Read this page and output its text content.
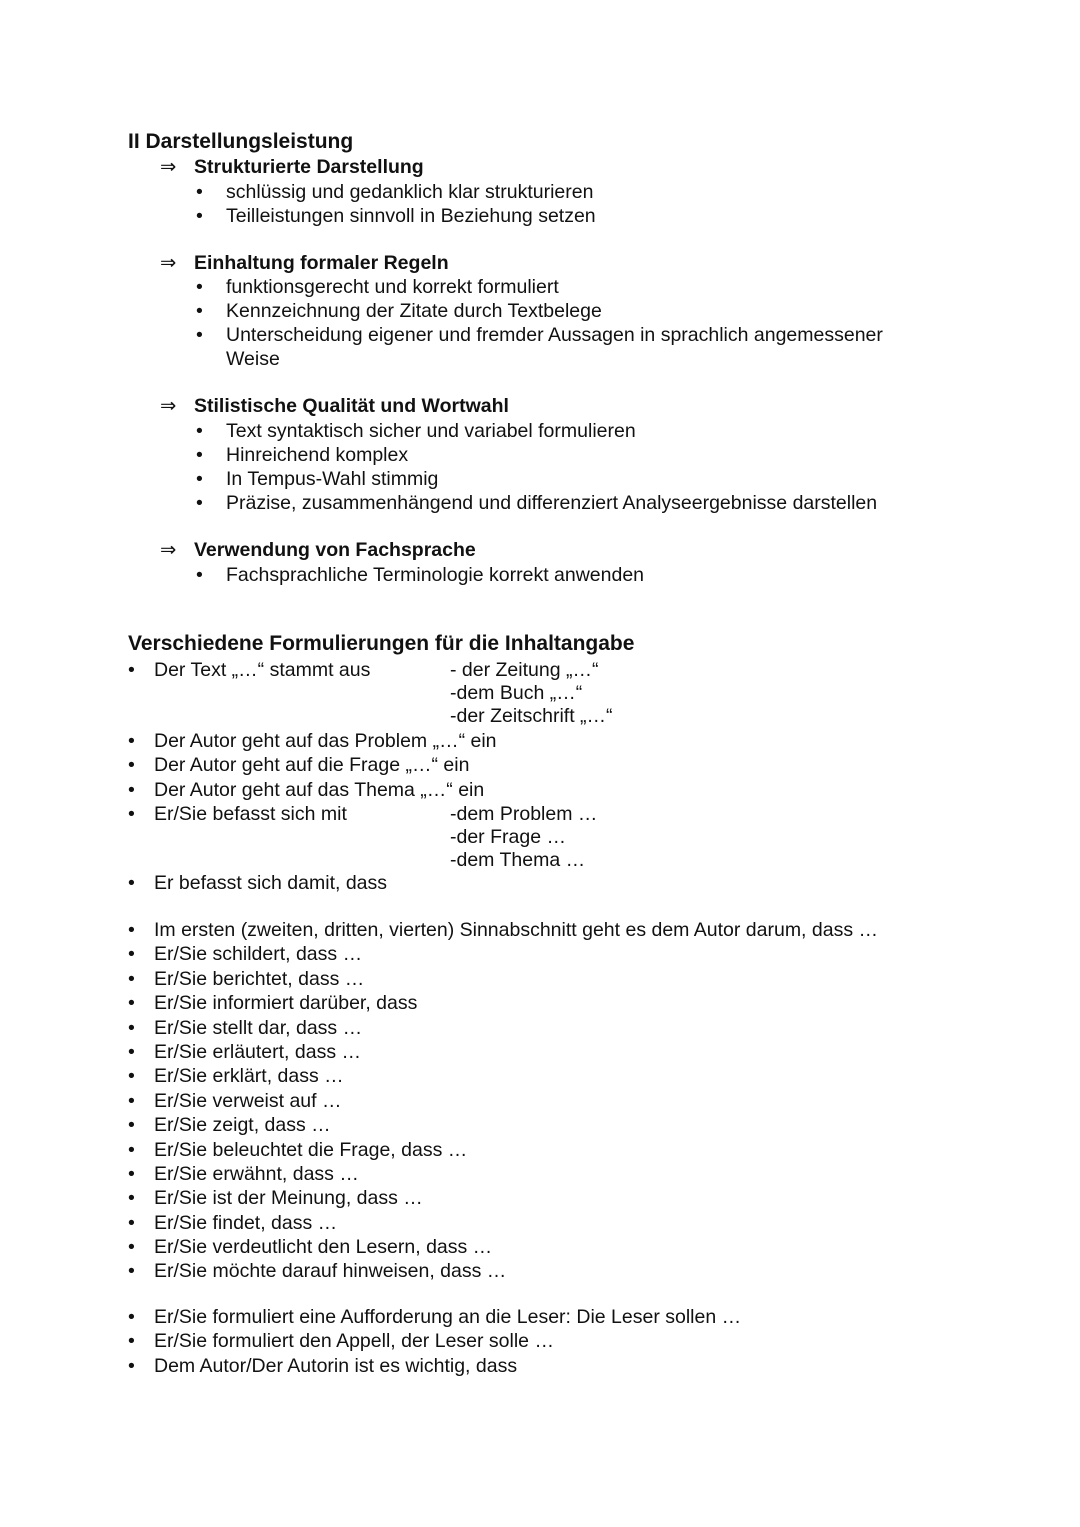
II Darstellungsleistung
⇒ Strukturierte Darstellung
• schlüssig und gedanklich klar strukturieren
• Teilleistungen sinnvoll in Beziehung setzen
⇒ Einhaltung formaler Regeln
• funktionsgerecht und korrekt formuliert
• Kennzeichnung der Zitate durch Textbelege
• Unterscheidung eigener und fremder Aussagen in sprachlich angemessener Weise
⇒ Stilistische Qualität und Wortwahl
• Text syntaktisch sicher und variabel formulieren
• Hinreichend komplex
• In Tempus-Wahl stimmig
• Präzise, zusammenhängend und differenziert Analyseergebnisse darstellen
⇒ Verwendung von Fachsprache
• Fachsprachliche Terminologie korrekt anwenden
Verschiedene Formulierungen für die Inhaltangabe
• Der Text „…“ stammt aus	- der Zeitung „…“
-dem Buch „…“
-der Zeitschrift „…“
• Der Autor geht auf das Problem „…“ ein
• Der Autor geht auf die Frage „…“ ein
• Der Autor geht auf das Thema „…“ ein
• Er/Sie befasst sich mit	-dem Problem …
-der Frage …
-dem Thema …
• Er befasst sich damit, dass
• Im ersten (zweiten, dritten, vierten) Sinnabschnitt geht es dem Autor darum, dass …
• Er/Sie schildert, dass …
• Er/Sie berichtet, dass …
• Er/Sie informiert darüber, dass
• Er/Sie stellt dar, dass …
• Er/Sie erläutert, dass …
• Er/Sie erklärt, dass …
• Er/Sie verweist auf …
• Er/Sie zeigt, dass …
• Er/Sie beleuchtet die Frage, dass …
• Er/Sie erwähnt, dass …
• Er/Sie ist der Meinung, dass …
• Er/Sie findet, dass …
• Er/Sie verdeutlicht den Lesern, dass …
• Er/Sie möchte darauf hinweisen, dass …
• Er/Sie formuliert eine Aufforderung an die Leser: Die Leser sollen …
• Er/Sie formuliert den Appell, der Leser solle …
• Dem Autor/Der Autorin ist es wichtig, dass
